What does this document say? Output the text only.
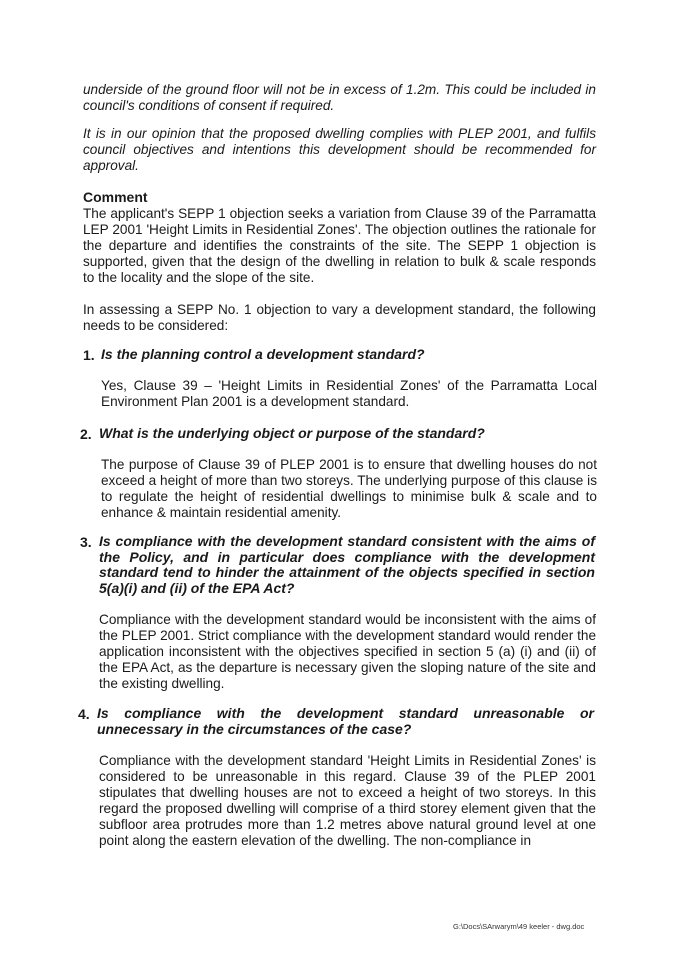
underside of the ground floor will not be in excess of 1.2m. This could be included in council's conditions of consent if required.

It is in our opinion that the proposed dwelling complies with PLEP 2001, and fulfils council objectives and intentions this development should be recommended for approval.

Comment

The applicant's SEPP 1 objection seeks a variation from Clause 39 of the Parramatta LEP 2001 'Height Limits in Residential Zones'. The objection outlines the rationale for the departure and identifies the constraints of the site. The SEPP 1 objection is supported, given that the design of the dwelling in relation to bulk & scale responds to the locality and the slope of the site.

In assessing a SEPP No. 1 objection to vary a development standard, the following needs to be considered:

1. Is the planning control a development standard?

Yes, Clause 39 – 'Height Limits in Residential Zones' of the Parramatta Local Environment Plan 2001 is a development standard.

2. What is the underlying object or purpose of the standard?

The purpose of Clause 39 of PLEP 2001 is to ensure that dwelling houses do not exceed a height of more than two storeys. The underlying purpose of this clause is to regulate the height of residential dwellings to minimise bulk & scale and to enhance & maintain residential amenity.

3. Is compliance with the development standard consistent with the aims of the Policy, and in particular does compliance with the development standard tend to hinder the attainment of the objects specified in section 5(a)(i) and (ii) of the EPA Act?

Compliance with the development standard would be inconsistent with the aims of the PLEP 2001. Strict compliance with the development standard would render the application inconsistent with the objectives specified in section 5 (a) (i) and (ii) of the EPA Act, as the departure is necessary given the sloping nature of the site and the existing dwelling.

4. Is compliance with the development standard unreasonable or unnecessary in the circumstances of the case?

Compliance with the development standard 'Height Limits in Residential Zones' is considered to be unreasonable in this regard. Clause 39 of the PLEP 2001 stipulates that dwelling houses are not to exceed a height of two storeys. In this regard the proposed dwelling will comprise of a third storey element given that the subfloor area protrudes more than 1.2 metres above natural ground level at one point along the eastern elevation of the dwelling. The non-compliance in

G:\Docs\SArwarym\49 keeler - dwg.doc
